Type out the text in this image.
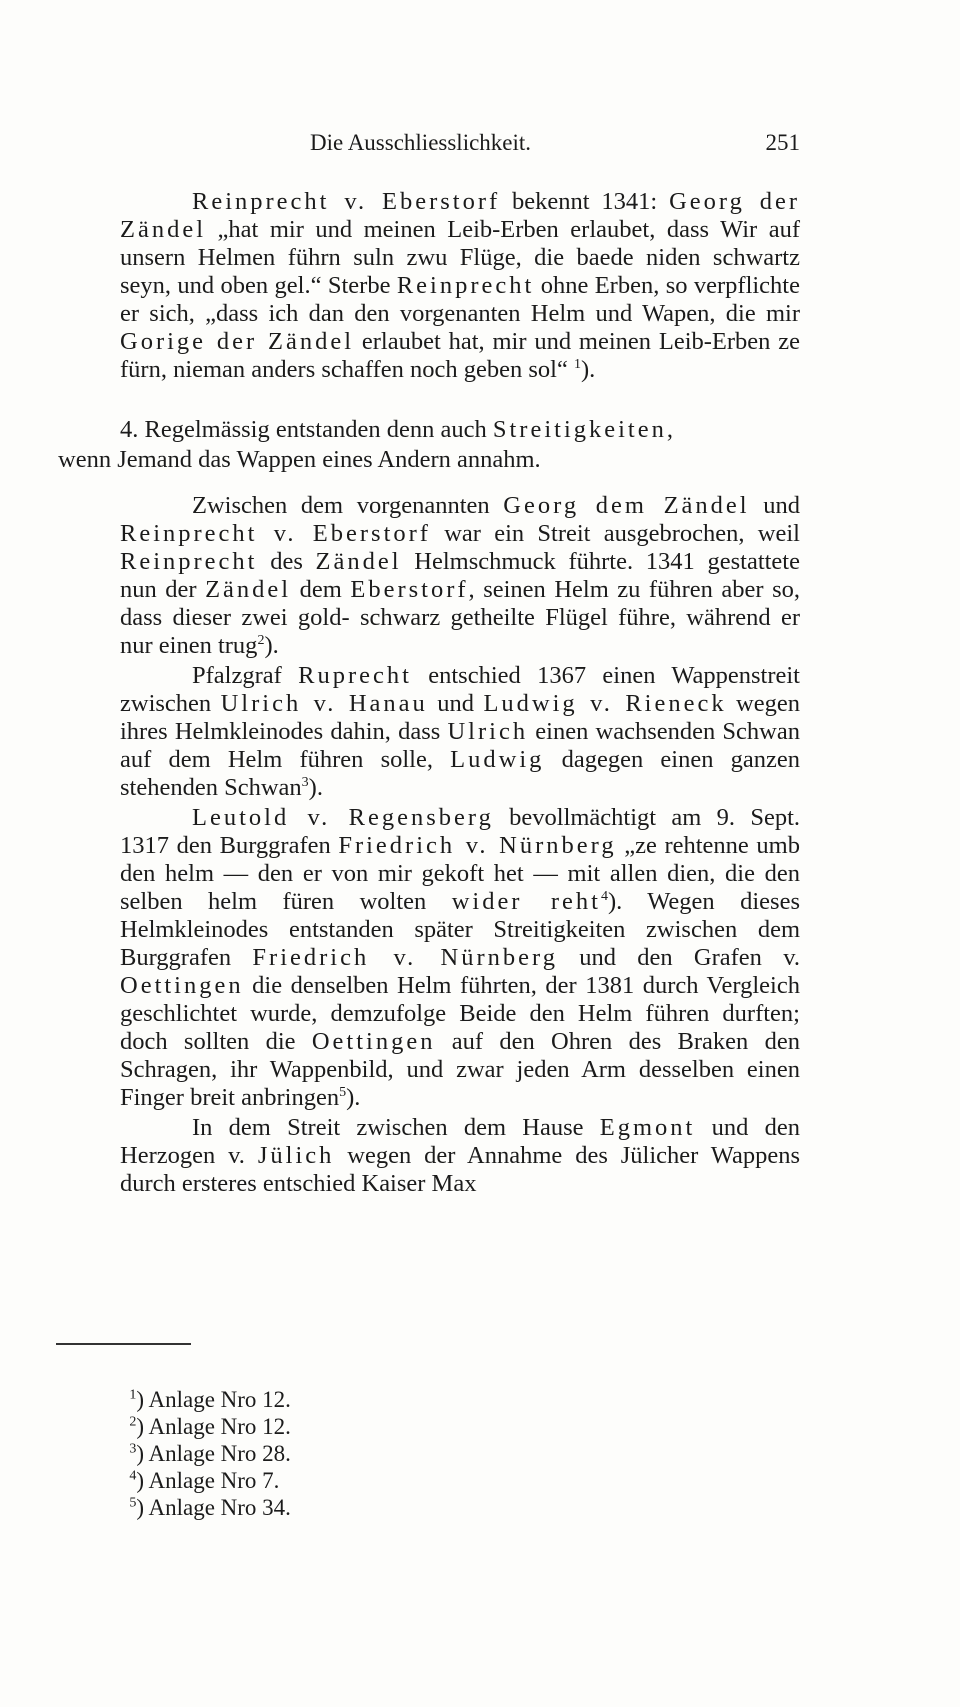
Die Ausschliesslichkeit.	251

Reinprecht v. Eberstorf bekennt 1341: Georg der Zändel „hat mir und meinen Leib-Erben erlaubet, dass Wir auf unsern Helmen führn suln zwu Flüge, die baede niden schwartz seyn, und oben gel.“ Sterbe Reinprecht ohne Erben, so verpflichte er sich, „dass ich dan den vorgenanten Helm und Wapen, die mir Gorige der Zändel erlaubet hat, mir und meinen Leib-Erben ze fürn, nieman anders schaffen noch geben sol“ $^1$).

4. Regelmässig entstanden denn auch Streitigkeiten,

wenn Jemand das Wappen eines Andern annahm.

Zwischen dem vorgenannten Georg dem Zändel und Reinprecht v. Eberstorf war ein Streit ausgebrochen, weil Reinprecht des Zändel Helmschmuck führte. 1341 gestattete nun der Zändel dem Eberstorf, seinen Helm zu führen aber so, dass dieser zwei gold- schwarz getheilte Flügel führe, während er nur einen trug$^2$).

Pfalzgraf Ruprecht entschied 1367 einen Wappenstreit zwischen Ulrich v. Hanau und Ludwig v. Rieneck wegen ihres Helmkleinodes dahin, dass Ulrich einen wachsenden Schwan auf dem Helm führen solle, Ludwig dagegen einen ganzen stehenden Schwan$^3$).

Leutold v. Regensberg bevollmächtigt am 9. Sept. 1317 den Burggrafen Friedrich v. Nürnberg „ze rehtenne umb den helm — den er von mir gekoft het — mit allen dien, die den selben helm füren wolten wider reht$^4$). Wegen dieses Helmkleinodes entstanden später Streitigkeiten zwischen dem Burggrafen Friedrich v. Nürnberg und den Grafen v. Oettingen die denselben Helm führten, der 1381 durch Vergleich geschlichtet wurde, demzufolge Beide den Helm führen durften; doch sollten die Oettingen auf den Ohren des Braken den Schragen, ihr Wappenbild, und zwar jeden Arm desselben einen Finger breit anbringen$^5$).

In dem Streit zwischen dem Hause Egmont und den Herzogen v. Jülich wegen der Annahme des Jülicher Wappens durch ersteres entschied Kaiser Max

$^1$) Anlage Nro 12.

$^2$) Anlage Nro 12.

$^3$) Anlage Nro 28.

$^4$) Anlage Nro 7.

$^5$) Anlage Nro 34.
